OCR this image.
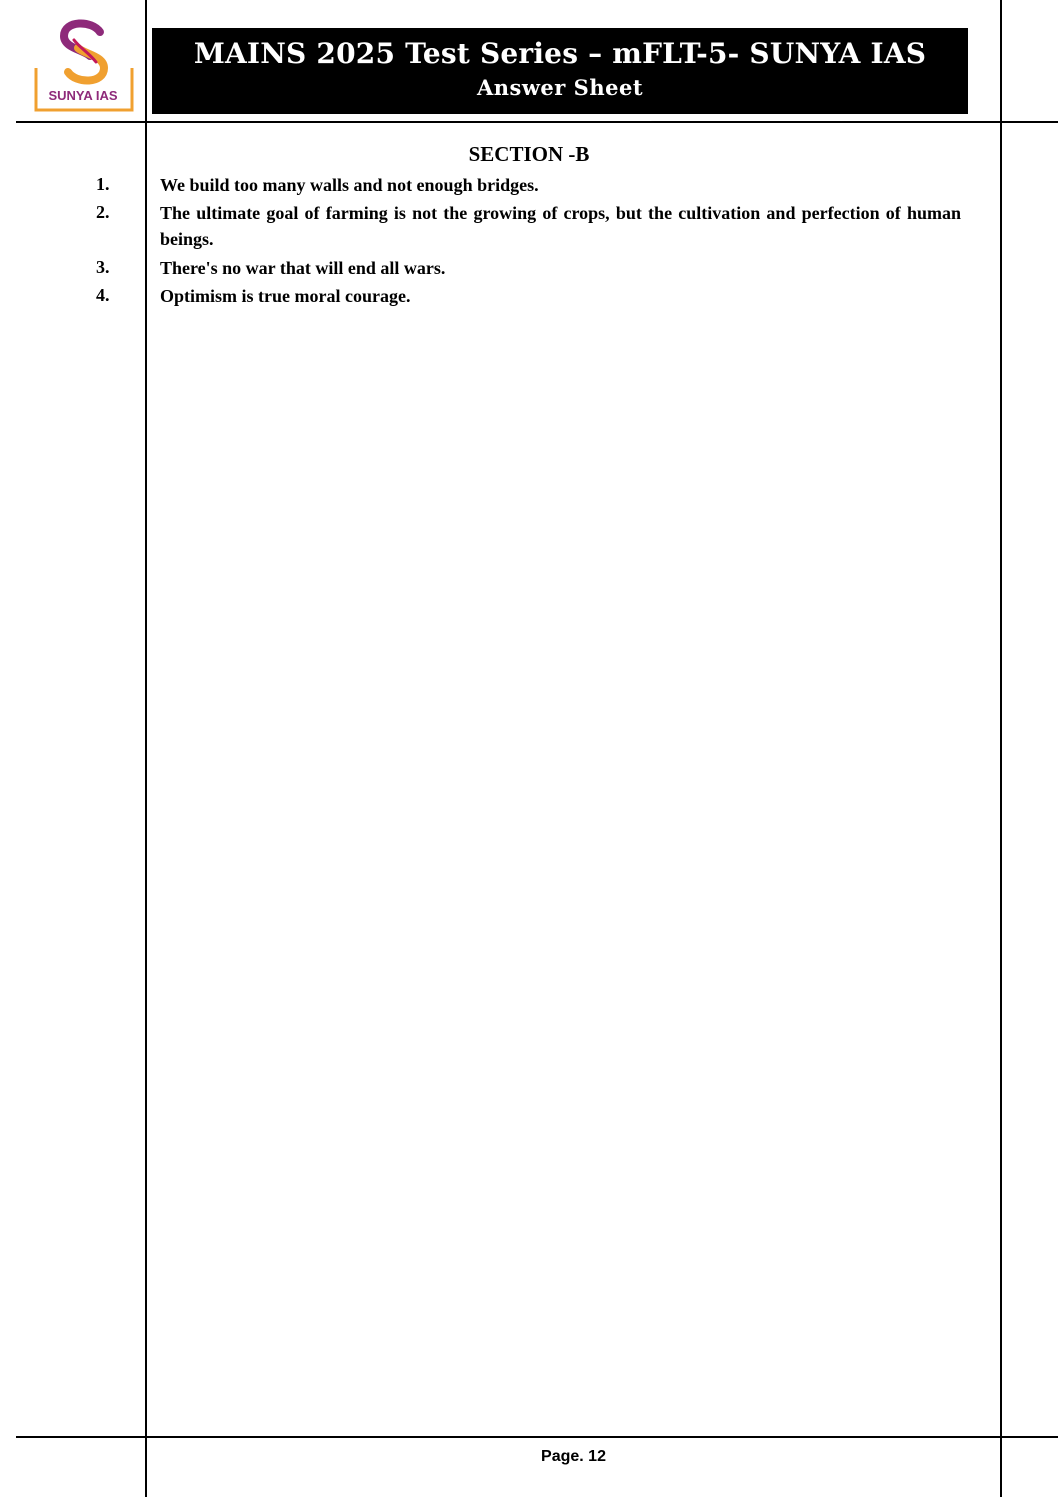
SUNYA IAS
MAINS 2025 Test Series – mFLT-5- SUNYA IAS
Answer Sheet
SECTION -B
1.	We build too many walls and not enough bridges.
2.	The ultimate goal of farming is not the growing of crops, but the cultivation and perfection of human beings.
3.	There's no war that will end all wars.
4.	Optimism is true moral courage.
Page. 12
